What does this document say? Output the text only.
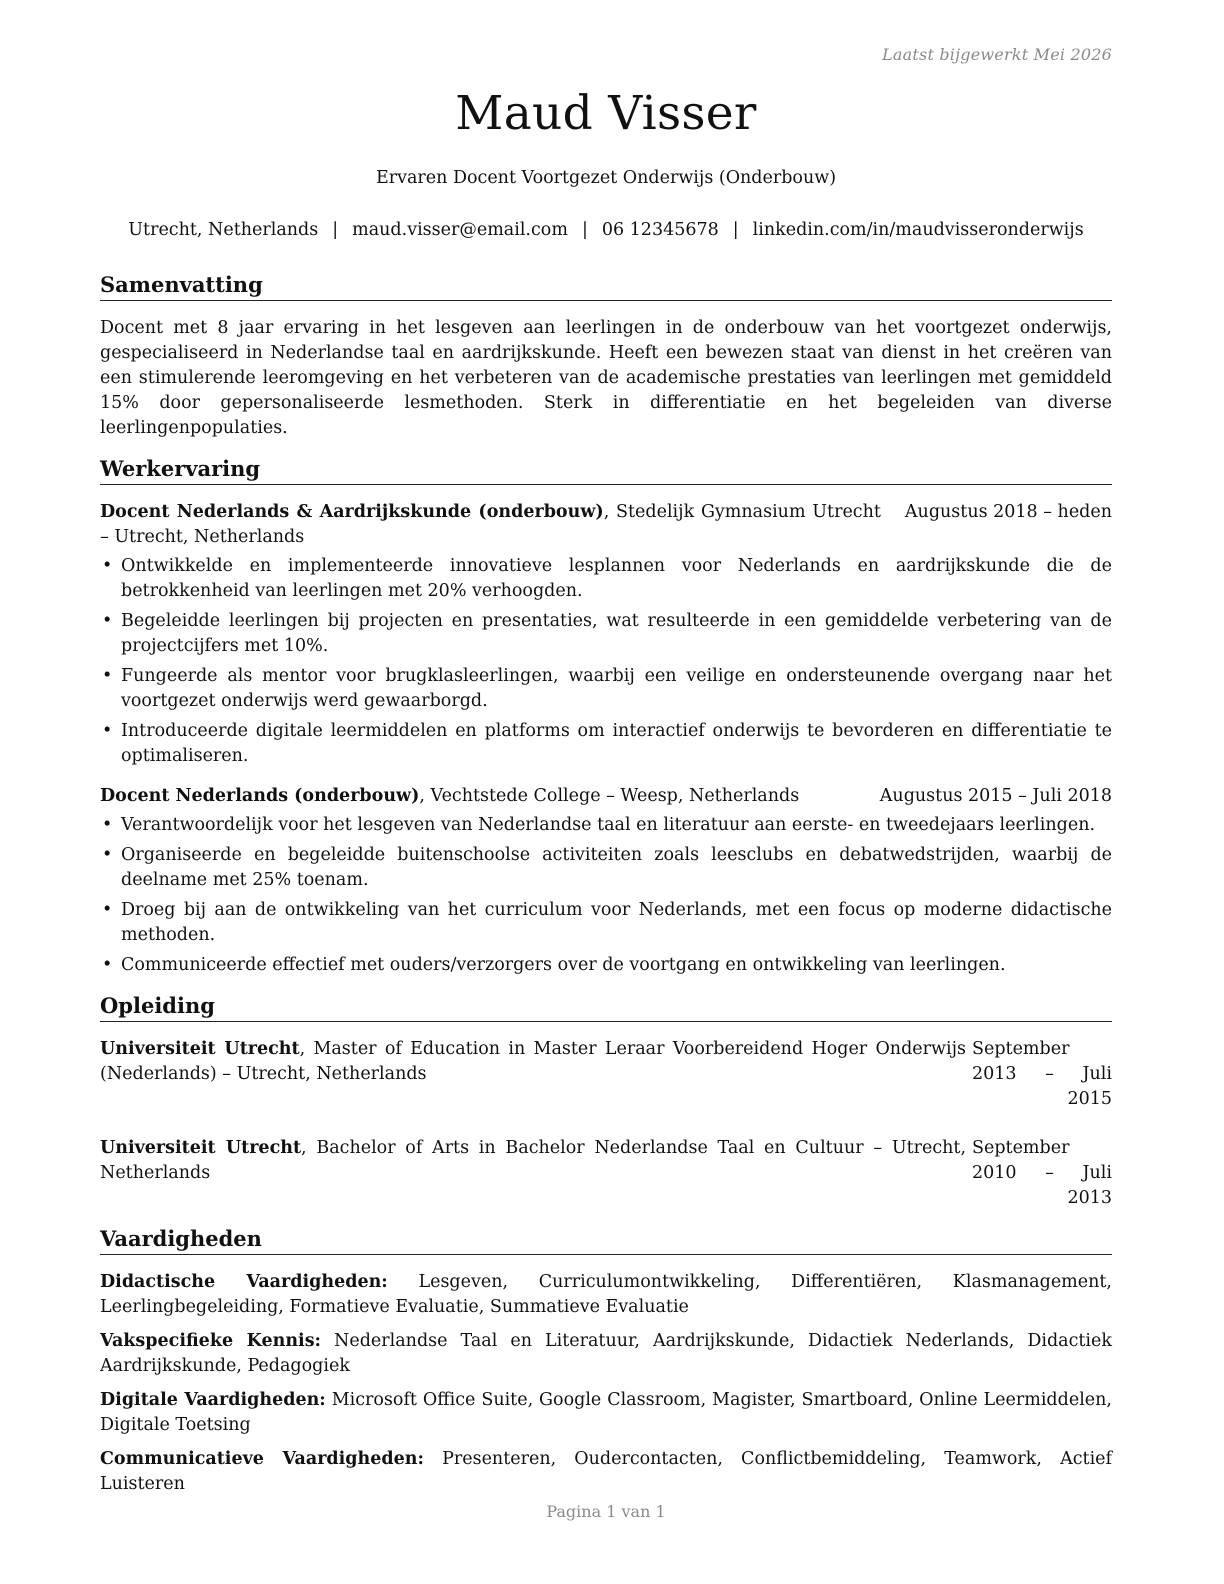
Laatst bijgewerkt Mei 2026
Maud Visser
Ervaren Docent Voortgezet Onderwijs (Onderbouw)
Utrecht, Netherlands | maud.visser@email.com | 06 12345678 | linkedin.com/in/maudvisseronderwijs
Samenvatting

Docent met 8 jaar ervaring in het lesgeven aan leerlingen in de onderbouw van het voortgezet onderwijs, gespecialiseerd in Nederlandse taal en aardrijkskunde. Heeft een bewezen staat van dienst in het creëren van een stimulerende leeromgeving en het verbeteren van de academische prestaties van leerlingen met gemiddeld 15% door gepersonaliseerde lesmethoden. Sterk in differentiatie en het begeleiden van diverse leerlingenpopulaties.

Werkervaring
Docent Nederlands & Aardrijkskunde (onderbouw), Stedelijk Gymnasium Utrecht – Utrecht, Netherlands
Augustus 2018 – heden
• Ontwikkelde en implementeerde innovatieve lesplannen voor Nederlands en aardrijkskunde die de betrokkenheid van leerlingen met 20% verhoogden.
• Begeleidde leerlingen bij projecten en presentaties, wat resulteerde in een gemiddelde verbetering van de projectcijfers met 10%.
• Fungeerde als mentor voor brugklasleerlingen, waarbij een veilige en ondersteunende overgang naar het voortgezet onderwijs werd gewaarborgd.
• Introduceerde digitale leermiddelen en platforms om interactief onderwijs te bevorderen en differentiatie te optimaliseren.
Docent Nederlands (onderbouw), Vechtstede College – Weesp, Netherlands	Augustus 2015 – Juli 2018
• Verantwoordelijk voor het lesgeven van Nederlandse taal en literatuur aan eerste- en tweedejaars leerlingen.
• Organiseerde en begeleidde buitenschoolse activiteiten zoals leesclubs en debatwedstrijden, waarbij de deelname met 25% toenam.
• Droeg bij aan de ontwikkeling van het curriculum voor Nederlands, met een focus op moderne didactische methoden.
• Communiceerde effectief met ouders/verzorgers over de voortgang en ontwikkeling van leerlingen.
Opleiding
Universiteit Utrecht, Master of Education in Master Leraar Voorbereidend Hoger Onderwijs (Nederlands) – Utrecht, Netherlands
September 2013 – Juli 2015
Universiteit Utrecht, Bachelor of Arts in Bachelor Nederlandse Taal en Cultuur – Utrecht, Netherlands
September 2010 – Juli 2013
Vaardigheden
Didactische Vaardigheden: Lesgeven, Curriculumontwikkeling, Differentiëren, Klasmanagement, Leerlingbegeleiding, Formatieve Evaluatie, Summatieve Evaluatie
Vakspecifieke Kennis: Nederlandse Taal en Literatuur, Aardrijkskunde, Didactiek Nederlands, Didactiek Aardrijkskunde, Pedagogiek
Digitale Vaardigheden: Microsoft Office Suite, Google Classroom, Magister, Smartboard, Online Leermiddelen, Digitale Toetsing
Communicatieve Vaardigheden: Presenteren, Oudercontacten, Conflictbemiddeling, Teamwork, Actief Luisteren
Pagina 1 van 1
